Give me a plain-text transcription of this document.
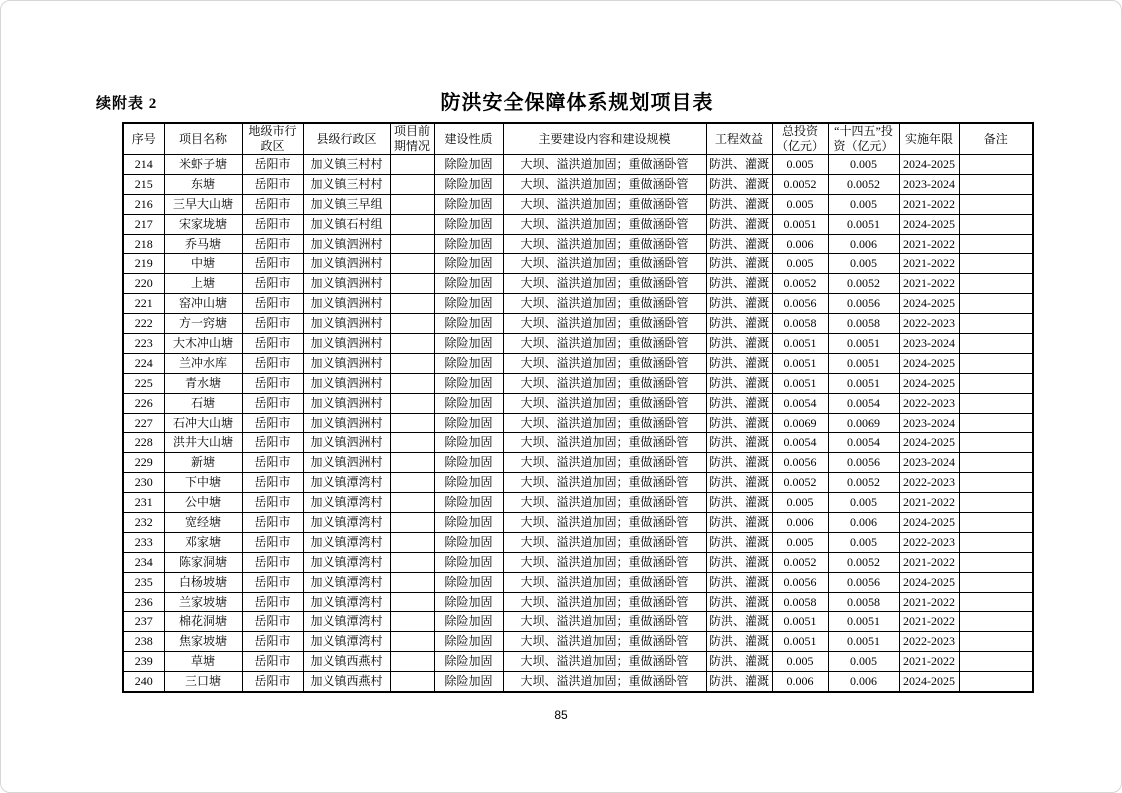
续附表 2	防洪安全保障体系规划项目表
序号	项目名称	地级市行政区	县级行政区	项目前期情况	建设性质	主要建设内容和建设规模	工程效益	总投资（亿元）	“十四五”投资（亿元）	实施年限	备注
214	米虾子塘	岳阳市	加义镇三村村		除险加固	大坝、溢洪道加固；重做涵卧管	防洪、灌溉	0.005	0.005	2024-2025	
215	东塘	岳阳市	加义镇三村村		除险加固	大坝、溢洪道加固；重做涵卧管	防洪、灌溉	0.0052	0.0052	2023-2024	
216	三早大山塘	岳阳市	加义镇三早组		除险加固	大坝、溢洪道加固；重做涵卧管	防洪、灌溉	0.005	0.005	2021-2022	
217	宋家垅塘	岳阳市	加义镇石村组		除险加固	大坝、溢洪道加固；重做涵卧管	防洪、灌溉	0.0051	0.0051	2024-2025	
218	乔马塘	岳阳市	加义镇泗洲村		除险加固	大坝、溢洪道加固；重做涵卧管	防洪、灌溉	0.006	0.006	2021-2022	
219	中塘	岳阳市	加义镇泗洲村		除险加固	大坝、溢洪道加固；重做涵卧管	防洪、灌溉	0.005	0.005	2021-2022	
220	上塘	岳阳市	加义镇泗洲村		除险加固	大坝、溢洪道加固；重做涵卧管	防洪、灌溉	0.0052	0.0052	2021-2022	
221	窑冲山塘	岳阳市	加义镇泗洲村		除险加固	大坝、溢洪道加固；重做涵卧管	防洪、灌溉	0.0056	0.0056	2024-2025	
222	方一窍塘	岳阳市	加义镇泗洲村		除险加固	大坝、溢洪道加固；重做涵卧管	防洪、灌溉	0.0058	0.0058	2022-2023	
223	大木冲山塘	岳阳市	加义镇泗洲村		除险加固	大坝、溢洪道加固；重做涵卧管	防洪、灌溉	0.0051	0.0051	2023-2024	
224	兰冲水库	岳阳市	加义镇泗洲村		除险加固	大坝、溢洪道加固；重做涵卧管	防洪、灌溉	0.0051	0.0051	2024-2025	
225	青水塘	岳阳市	加义镇泗洲村		除险加固	大坝、溢洪道加固；重做涵卧管	防洪、灌溉	0.0051	0.0051	2024-2025	
226	石塘	岳阳市	加义镇泗洲村		除险加固	大坝、溢洪道加固；重做涵卧管	防洪、灌溉	0.0054	0.0054	2022-2023	
227	石冲大山塘	岳阳市	加义镇泗洲村		除险加固	大坝、溢洪道加固；重做涵卧管	防洪、灌溉	0.0069	0.0069	2023-2024	
228	洪井大山塘	岳阳市	加义镇泗洲村		除险加固	大坝、溢洪道加固；重做涵卧管	防洪、灌溉	0.0054	0.0054	2024-2025	
229	新塘	岳阳市	加义镇泗洲村		除险加固	大坝、溢洪道加固；重做涵卧管	防洪、灌溉	0.0056	0.0056	2023-2024	
230	下中塘	岳阳市	加义镇潭湾村		除险加固	大坝、溢洪道加固；重做涵卧管	防洪、灌溉	0.0052	0.0052	2022-2023	
231	公中塘	岳阳市	加义镇潭湾村		除险加固	大坝、溢洪道加固；重做涵卧管	防洪、灌溉	0.005	0.005	2021-2022	
232	宽经塘	岳阳市	加义镇潭湾村		除险加固	大坝、溢洪道加固；重做涵卧管	防洪、灌溉	0.006	0.006	2024-2025	
233	邓家塘	岳阳市	加义镇潭湾村		除险加固	大坝、溢洪道加固；重做涵卧管	防洪、灌溉	0.005	0.005	2022-2023	
234	陈家洞塘	岳阳市	加义镇潭湾村		除险加固	大坝、溢洪道加固；重做涵卧管	防洪、灌溉	0.0052	0.0052	2021-2022	
235	白杨坡塘	岳阳市	加义镇潭湾村		除险加固	大坝、溢洪道加固；重做涵卧管	防洪、灌溉	0.0056	0.0056	2024-2025	
236	兰家坡塘	岳阳市	加义镇潭湾村		除险加固	大坝、溢洪道加固；重做涵卧管	防洪、灌溉	0.0058	0.0058	2021-2022	
237	棉花洞塘	岳阳市	加义镇潭湾村		除险加固	大坝、溢洪道加固；重做涵卧管	防洪、灌溉	0.0051	0.0051	2021-2022	
238	焦家坡塘	岳阳市	加义镇潭湾村		除险加固	大坝、溢洪道加固；重做涵卧管	防洪、灌溉	0.0051	0.0051	2022-2023	
239	草塘	岳阳市	加义镇西燕村		除险加固	大坝、溢洪道加固；重做涵卧管	防洪、灌溉	0.005	0.005	2021-2022	
240	三口塘	岳阳市	加义镇西燕村		除险加固	大坝、溢洪道加固；重做涵卧管	防洪、灌溉	0.006	0.006	2024-2025	
85
